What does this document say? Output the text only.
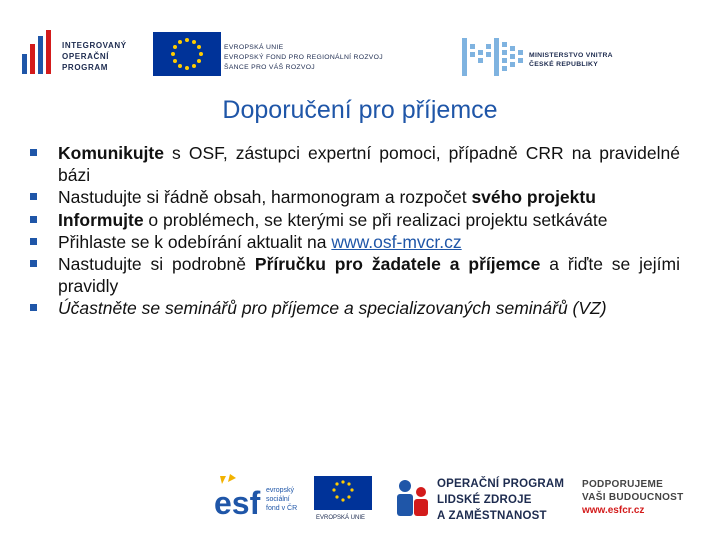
INTEGROVANÝ
OPERAČNÍ
PROGRAM
EVROPSKÁ UNIE
EVROPSKÝ FOND PRO REGIONÁLNÍ ROZVOJ
ŠANCE PRO VÁŠ ROZVOJ
MINISTERSTVO VNITRA
ČESKÉ REPUBLIKY
Doporučení pro příjemce
Komunikujte s OSF, zástupci expertní pomoci, případně CRR na pravidelné bázi
Nastudujte si řádně obsah, harmonogram a rozpočet svého projektu
Informujte o problémech, se kterými se při realizaci projektu setkáváte
Přihlaste se k odebírání aktualit na www.osf-mvcr.cz
Nastudujte si podrobně Příručku pro žadatele a příjemce a řiďte se jejími pravidly
Účastněte se seminářů pro příjemce a specializovaných seminářů (VZ)
esf evropský
sociální
fond v ČR
EVROPSKÁ UNIE
OPERAČNÍ PROGRAM
LIDSKÉ ZDROJE
A ZAMĚSTNANOST
PODPORUJEME
VAŠI BUDOUCNOST
www.esfcr.cz
